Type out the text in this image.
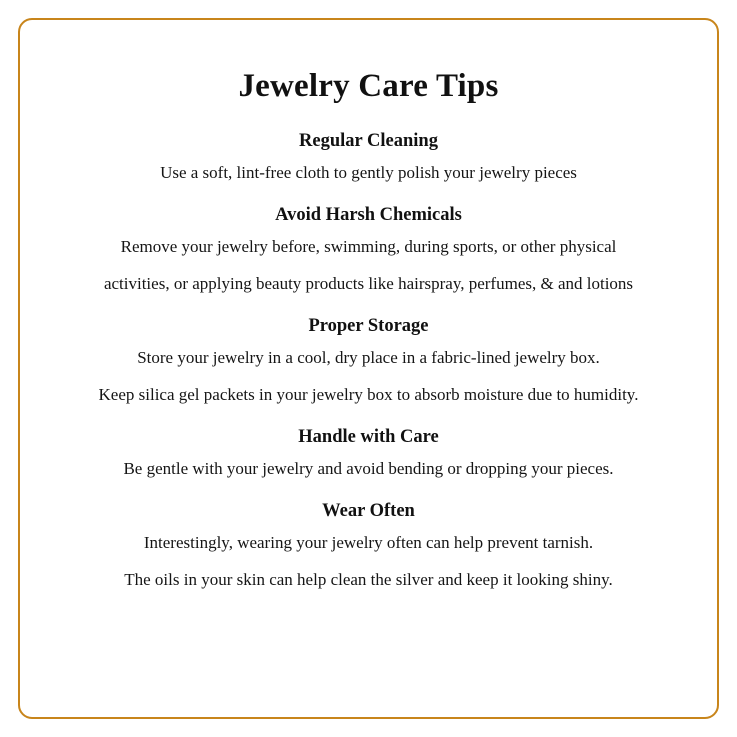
Jewelry Care Tips
Regular Cleaning

Use a soft, lint-free cloth to gently polish your jewelry pieces

Avoid Harsh Chemicals

Remove your jewelry before, swimming, during sports, or other physical

activities, or applying beauty products like hairspray, perfumes, & and lotions

Proper Storage

Store your jewelry in a cool, dry place in a fabric-lined jewelry box.

Keep silica gel packets in your jewelry box to absorb moisture due to humidity.

Handle with Care

Be gentle with your jewelry and avoid bending or dropping your pieces.

Wear Often

Interestingly, wearing your jewelry often can help prevent tarnish.

The oils in your skin can help clean the silver and keep it looking shiny.
